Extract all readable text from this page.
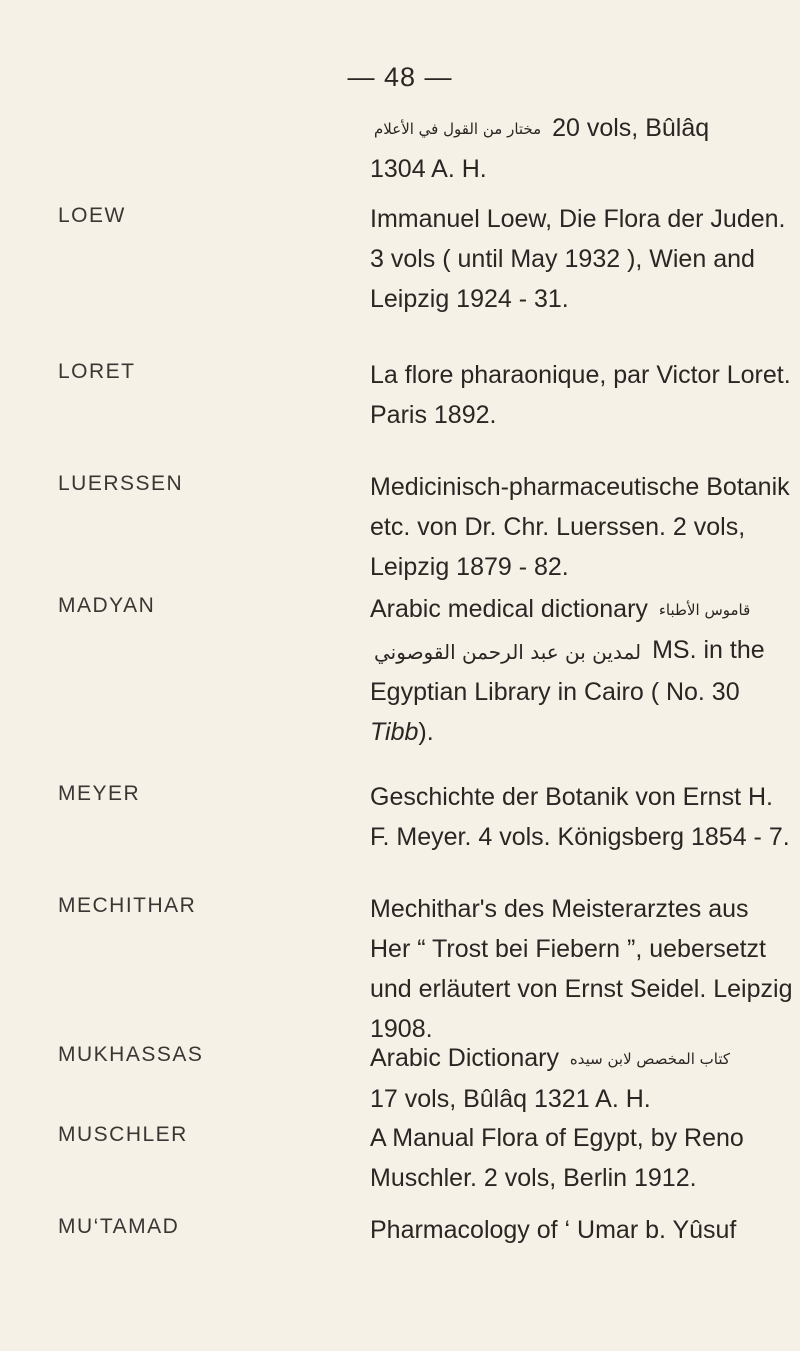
— 48 —
مختار من القول في الأعلام 20 vols, Bûlâq
1304 A. H.
LOEW	Immanuel Loew, Die Flora der Juden.
3 vols ( until May 1932 ), Wien and
Leipzig 1924 - 31.
LORET	La flore pharaonique, par Victor Loret.
Paris 1892.
LUERSSEN	Medicinisch-pharmaceutische Botanik
etc. von Dr. Chr. Luerssen. 2 vols,
Leipzig 1879 - 82.
MADYAN	Arabic medical dictionary قاموس الأطباء
لمدين بن عبد الرحمن القوصوني MS. in the
Egyptian Library in Cairo ( No. 30
Tibb).
MEYER	Geschichte der Botanik von Ernst H.
F. Meyer. 4 vols. Königsberg 1854 - 7.
MECHITHAR	Mechithar's des Meisterarztes aus
Her “ Trost bei Fiebern ”, uebersetzt
und erläutert von Ernst Seidel. Leipzig
1908.
MUKHASSAS	Arabic Dictionary كتاب المخصص لابن سيده
17 vols, Bûlâq 1321 A. H.
MUSCHLER	A Manual Flora of Egypt, by Reno
Muschler. 2 vols, Berlin 1912.
MU‘TAMAD	Pharmacology of ‘ Umar b. Yûsuf
